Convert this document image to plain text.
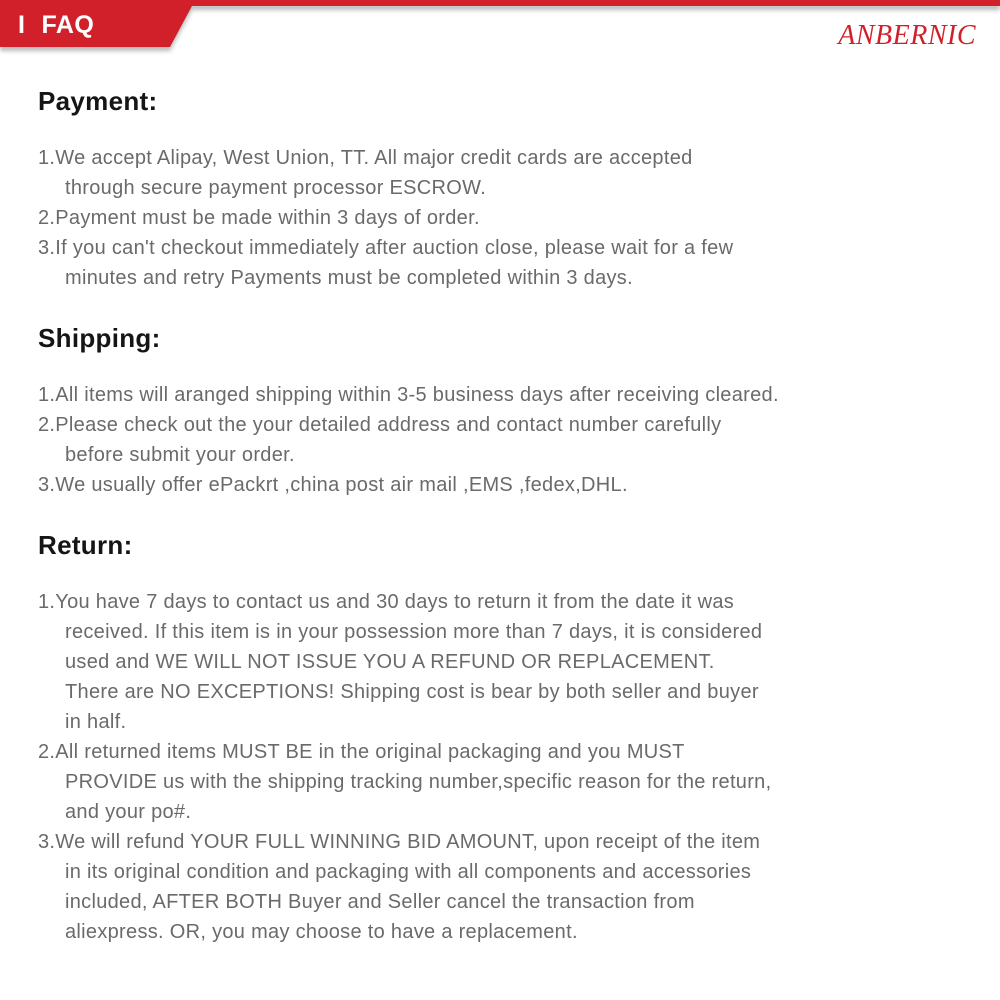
I FAQ	ANBERNIC
Payment:
1.We accept Alipay, West Union, TT. All major credit cards are accepted
through secure payment processor ESCROW.
2.Payment must be made within 3 days of order.
3.If you can't checkout immediately after auction close, please wait for a few
minutes and retry Payments must be completed within 3 days.
Shipping:
1.All items will aranged shipping within 3-5 business days after receiving cleared.
2.Please check out the your detailed address and contact number carefully
before submit your order.
3.We usually offer ePackrt ,china post air mail ,EMS ,fedex,DHL.
Return:
1.You have 7 days to contact us and 30 days to return it from the date it was
received. If this item is in your possession more than 7 days, it is considered
used and WE WILL NOT ISSUE YOU A REFUND OR REPLACEMENT.
There are NO EXCEPTIONS! Shipping cost is bear by both seller and buyer
in half.
2.All returned items MUST BE in the original packaging and you MUST
PROVIDE us with the shipping tracking number,specific reason for the return,
and your po#.
3.We will refund YOUR FULL WINNING BID AMOUNT, upon receipt of the item
in its original condition and packaging with all components and accessories
included, AFTER BOTH Buyer and Seller cancel the transaction from
aliexpress. OR, you may choose to have a replacement.
